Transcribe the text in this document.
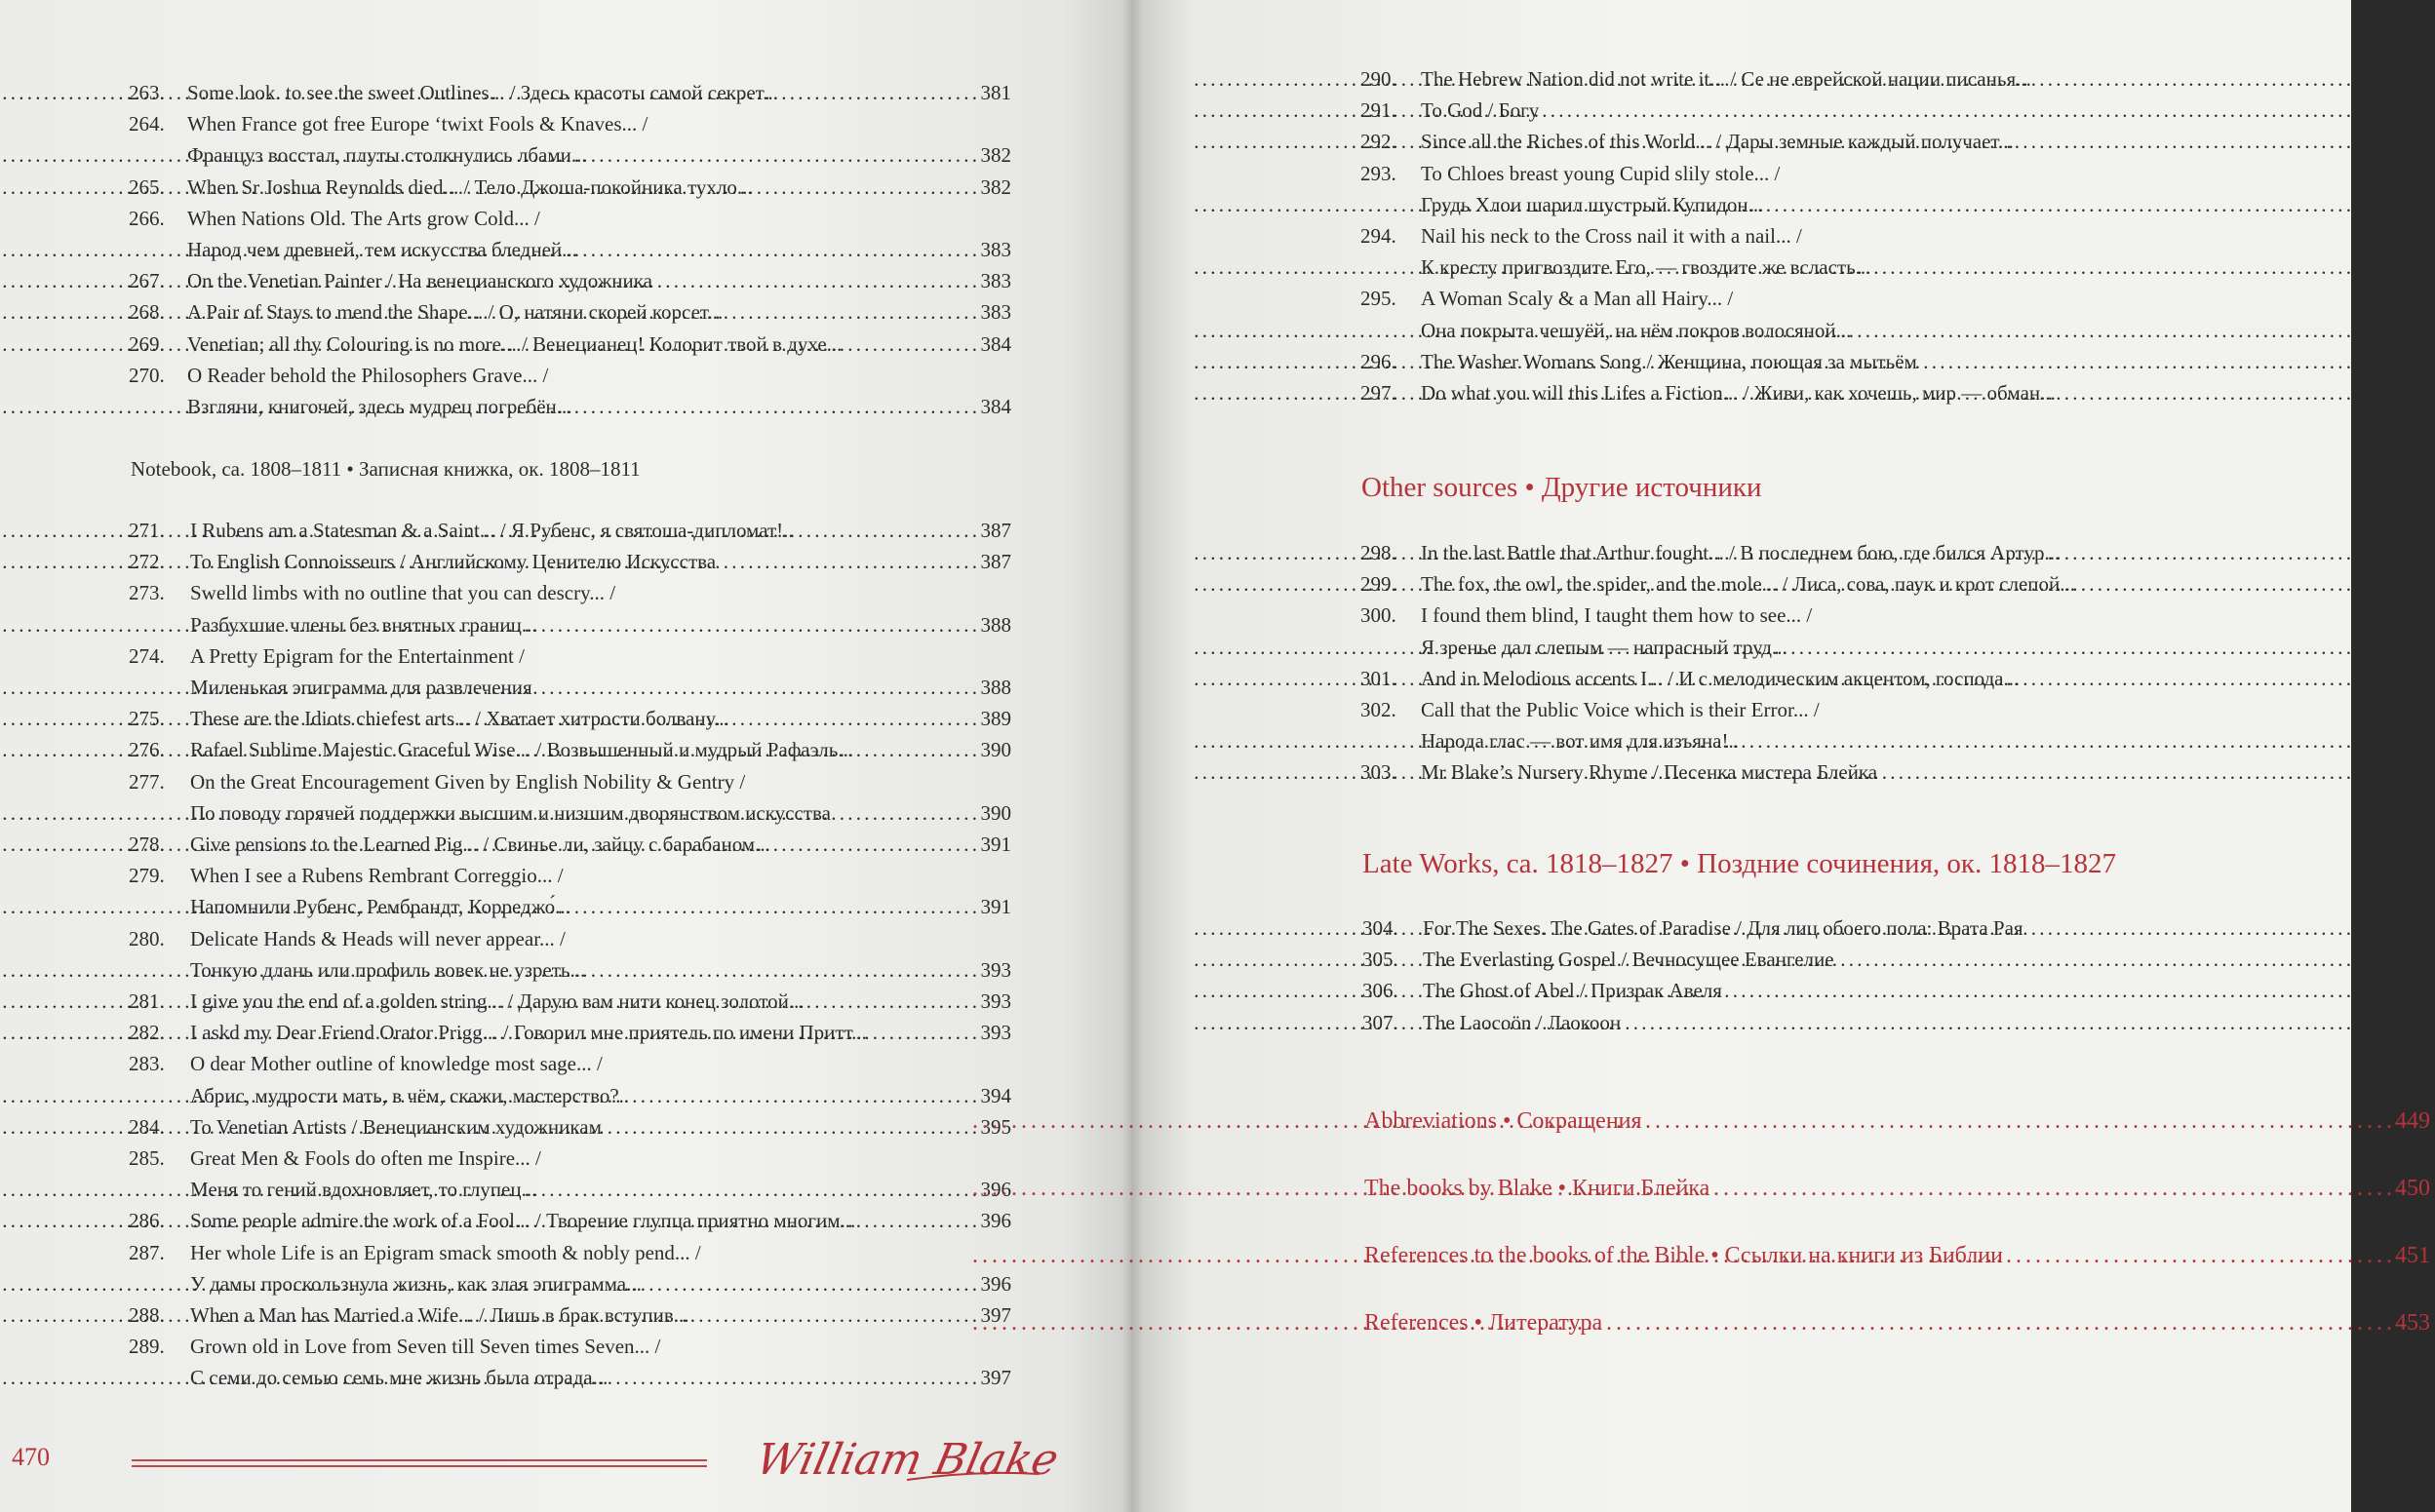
263. Some look. to see the sweet Outlines... / Здесь красоты самой секрет... . . .	381
264. When France got free Europe ‘twixt Fools & Knaves... /
Француз восстал, плуты столкнулись лбами... . . .	382
265. When Sr Joshua Reynolds died... / Тело Джоша-покойника тухло... . . .	382
266. When Nations Old. The Arts grow Cold... /
Народ чем древней, тем искусства бледней... . . .	383
267. On the Venetian Painter / На венецианского художника . . .	383
268. A Pair of Stays to mend the Shape... / О, натяни скорей корсет... . . .	383
269. Venetian; all thy Colouring is no more... / Венецианец! Колорит твой в духе... . . .	384
270. O Reader behold the Philosophers Grave... /
Взгляни, книгочей, здесь мудрец погребён... . . .	384
Notebook, ca. 1808–1811 • Записная книжка, ок. 1808–1811
271. I Rubens am a Statesman & a Saint... / Я Рубенс, я святоша-дипломат!.. . . .	387
272. To English Connoisseurs / Английскому Ценителю Искусства . . .	387
273. Swelld limbs with no outline that you can descry... /
Разбухшие члены без внятных границ... . . .	388
274. A Pretty Epigram for the Entertainment /
Миленькая эпиграмма для развлечения . . .	388
275. These are the Idiots chiefest arts... / Хватает хитрости болвану... . . .	389
276. Rafael Sublime Majestic Graceful Wise... / Возвышенный и мудрый Рафаэль... . . .	390
277. On the Great Encouragement Given by English Nobility & Gentry /
По поводу горячей поддержки высшим и низшим дворянством искусства . . .	390
278. Give pensions to the Learned Pig... / Свинье ли, зайцу с барабаном... . . .	391
279. When I see a Rubens Rembrant Correggio... /
Напомнили Рубенс, Рембрандт, Корреджо́... . . .	391
280. Delicate Hands & Heads will never appear... /
Тонкую длань или профиль вовек не узреть... . . .	393
281. I give you the end of a golden string... / Дарую вам нити конец золотой... . . .	393
282. I askd my Dear Friend Orator Prigg... / Говорил мне приятель по имени Притт... . . .	393
283. O dear Mother outline of knowledge most sage... /
Абрис, мудрости мать, в чём, скажи, мастерство?.. . . .	394
284. To Venetian Artists / Венецианским художникам . . .	395
285. Great Men & Fools do often me Inspire... /
Меня то гений вдохновляет, то глупец... . . .	396
286. Some people admire the work of a Fool... / Творение глупца приятно многим... . . .	396
287. Her whole Life is an Epigram smack smooth & nobly pend... /
У дамы проскользнула жизнь, как злая эпиграмма... . . .	396
288. When a Man has Married a Wife... / Лишь в брак вступив... . . .	397
289. Grown old in Love from Seven till Seven times Seven... /
С семи до семью семь мне жизнь была отрада... . . .	397
470	William Blake
290. The Hebrew Nation did not write it... / Се не еврейской нации писанья... . . .	397
291. To God / Богу . . .	398
292. Since all the Riches of this World... / Дары земные каждый получает... . . .	398
293. To Chloes breast young Cupid slily stole... /
Грудь Хлои шарил шустрый Купидон... . . .	399
294. Nail his neck to the Cross nail it with a nail... /
К кресту пригвоздите Его, — гвоздите же всласть... . . .	399
295. A Woman Scaly & a Man all Hairy... /
Она покрыта чешуёй, на нём покров волосяной... . . .	399
296. The Washer Womans Song / Женщина, поющая за мытьём . . .	400
297. Do what you will this Lifes a Fiction... / Живи, как хочешь, мир — обман... . . .	400
Other sources • Другие источники
298. In the last Battle that Arthur fought... / В последнем бою, где бился Артур... . . .	403
299. The fox, the owl, the spider, and the mole... / Лиса, сова, паук и крот слепой... . . .	403
300. I found them blind, I taught them how to see... /
Я зренье дал слепым — напрасный труд... . . .	404
301. And in Melodious accents I... / И с мелодическим акцентом, господа... . . .	404
302. Call that the Public Voice which is their Error... /
Народа глас — вот имя для изъяна!.. . . .	404
303. Mr Blake’s Nursery Rhyme / Песенка мистера Блейка . . .	405
Late Works, ca. 1818–1827 • Поздние сочинения, ок. 1818–1827
304. For The Sexes. The Gates of Paradise / Для лиц обоего пола: Врата Рая . . .	409
305. The Everlasting Gospel / Вечносущее Евангелие . . .	417
306. The Ghost of Abel / Призрак Авеля . . .	434
307. The Laocoön / Лаокоон . . .	443
Abbreviations • Сокращения . . .	449
The books by Blake • Книги Блейка . . .	450
References to the books of the Bible • Ссылки на книги из Библии . . .	451
References • Литература . . .	453
